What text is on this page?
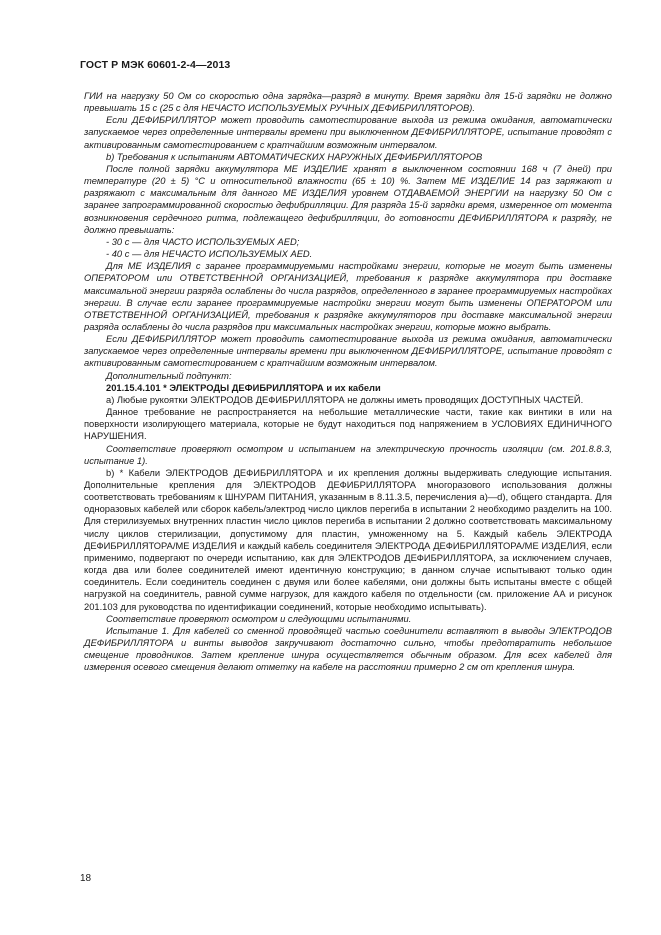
ГОСТ Р МЭК 60601-2-4—2013

ГИИ на нагрузку 50 Ом со скоростью одна зарядка—разряд в минуту. Время зарядки для 15-й зарядки не должно превышать 15 с (25 с для НЕЧАСТО ИСПОЛЬЗУЕМЫХ РУЧНЫХ ДЕФИБРИЛЛЯТОРОВ).

Если ДЕФИБРИЛЛЯТОР может проводить самотестирование выхода из режима ожидания, автоматически запускаемое через определенные интервалы времени при выключенном ДЕФИБРИЛЛЯТОРЕ, испытание проводят с активированным самотестированием с кратчайшим возможным интервалом.

b) Требования к испытаниям АВТОМАТИЧЕСКИХ НАРУЖНЫХ ДЕФИБРИЛЛЯТОРОВ

После полной зарядки аккумулятора МЕ ИЗДЕЛИЕ хранят в выключенном состоянии 168 ч (7 дней) при температуре (20 ± 5) °С и относительной влажности (65 ± 10) %. Затем МЕ ИЗДЕЛИЕ 14 раз заряжают и разряжают с максимальным для данного МЕ ИЗДЕЛИЯ уровнем ОТДАВАЕМОЙ ЭНЕРГИИ на нагрузку 50 Ом с заранее запрограммированной скоростью дефибрилляции. Для разряда 15-й зарядки время, измеренное от момента возникновения сердечного ритма, подлежащего дефибрилляции, до готовности ДЕФИБРИЛЛЯТОРА к разряду, не должно превышать:

- 30 с — для ЧАСТО ИСПОЛЬЗУЕМЫХ AED;

- 40 с — для НЕЧАСТО ИСПОЛЬЗУЕМЫХ AED.

Для МЕ ИЗДЕЛИЯ с заранее программируемыми настройками энергии, которые не могут быть изменены ОПЕРАТОРОМ или ОТВЕТСТВЕННОЙ ОРГАНИЗАЦИЕЙ, требования к разрядке аккумулятора при доставке максимальной энергии разряда ослаблены до числа разрядов, определенного в заранее программируемых настройках энергии. В случае если заранее программируемые настройки энергии могут быть изменены ОПЕРАТОРОМ или ОТВЕТСТВЕННОЙ ОРГАНИЗАЦИЕЙ, требования к разрядке аккумуляторов при доставке максимальной энергии разряда ослаблены до числа разрядов при максимальных настройках энергии, которые можно выбрать.

Если ДЕФИБРИЛЛЯТОР может проводить самотестирование выхода из режима ожидания, автоматически запускаемое через определенные интервалы времени при выключенном ДЕФИБРИЛЛЯТОРЕ, испытание проводят с активированным самотестированием с кратчайшим возможным интервалом.

Дополнительный подпункт:

201.15.4.101 * ЭЛЕКТРОДЫ ДЕФИБРИЛЛЯТОРА и их кабели

а) Любые рукоятки ЭЛЕКТРОДОВ ДЕФИБРИЛЛЯТОРА не должны иметь проводящих ДОСТУПНЫХ ЧАСТЕЙ.

Данное требование не распространяется на небольшие металлические части, такие как винтики в или на поверхности изолирующего материала, которые не будут находиться под напряжением в УСЛОВИЯХ ЕДИНИЧНОГО НАРУШЕНИЯ.

Соответствие проверяют осмотром и испытанием на электрическую прочность изоляции (см. 201.8.8.3, испытание 1).

b) * Кабели ЭЛЕКТРОДОВ ДЕФИБРИЛЛЯТОРА и их крепления должны выдерживать следующие испытания. Дополнительные крепления для ЭЛЕКТРОДОВ ДЕФИБРИЛЛЯТОРА многоразового использования должны соответствовать требованиям к ШНУРАМ ПИТАНИЯ, указанным в 8.11.3.5, перечисления а)—d), общего стандарта. Для одноразовых кабелей или сборок кабель/электрод число циклов перегиба в испытании 2 необходимо разделить на 100. Для стерилизуемых внутренних пластин число циклов перегиба в испытании 2 должно соответствовать максимальному числу циклов стерилизации, допустимому для пластин, умноженному на 5. Каждый кабель ЭЛЕКТРОДА ДЕФИБРИЛЛЯТОРА/МЕ ИЗДЕЛИЯ и каждый кабель соединителя ЭЛЕКТРОДА ДЕФИБРИЛЛЯТОРА/МЕ ИЗДЕЛИЯ, если применимо, подвергают по очереди испытанию, как для ЭЛЕКТРОДОВ ДЕФИБРИЛЛЯТОРА, за исключением случаев, когда два или более соединителей имеют идентичную конструкцию; в данном случае испытывают только один соединитель. Если соединитель соединен с двумя или более кабелями, они должны быть испытаны вместе с общей нагрузкой на соединитель, равной сумме нагрузок, для каждого кабеля по отдельности (см. приложение АА и рисунок 201.103 для руководства по идентификации соединений, которые необходимо испытывать).

Соответствие проверяют осмотром и следующими испытаниями.

Испытание 1. Для кабелей со сменной проводящей частью соединители вставляют в выводы ЭЛЕКТРОДОВ ДЕФИБРИЛЛЯТОРА и винты выводов закручивают достаточно сильно, чтобы предотвратить небольшое смещение проводников. Затем крепление шнура осуществляется обычным образом. Для всех кабелей для измерения осевого смещения делают отметку на кабеле на расстоянии примерно 2 см от крепления шнура.

18
